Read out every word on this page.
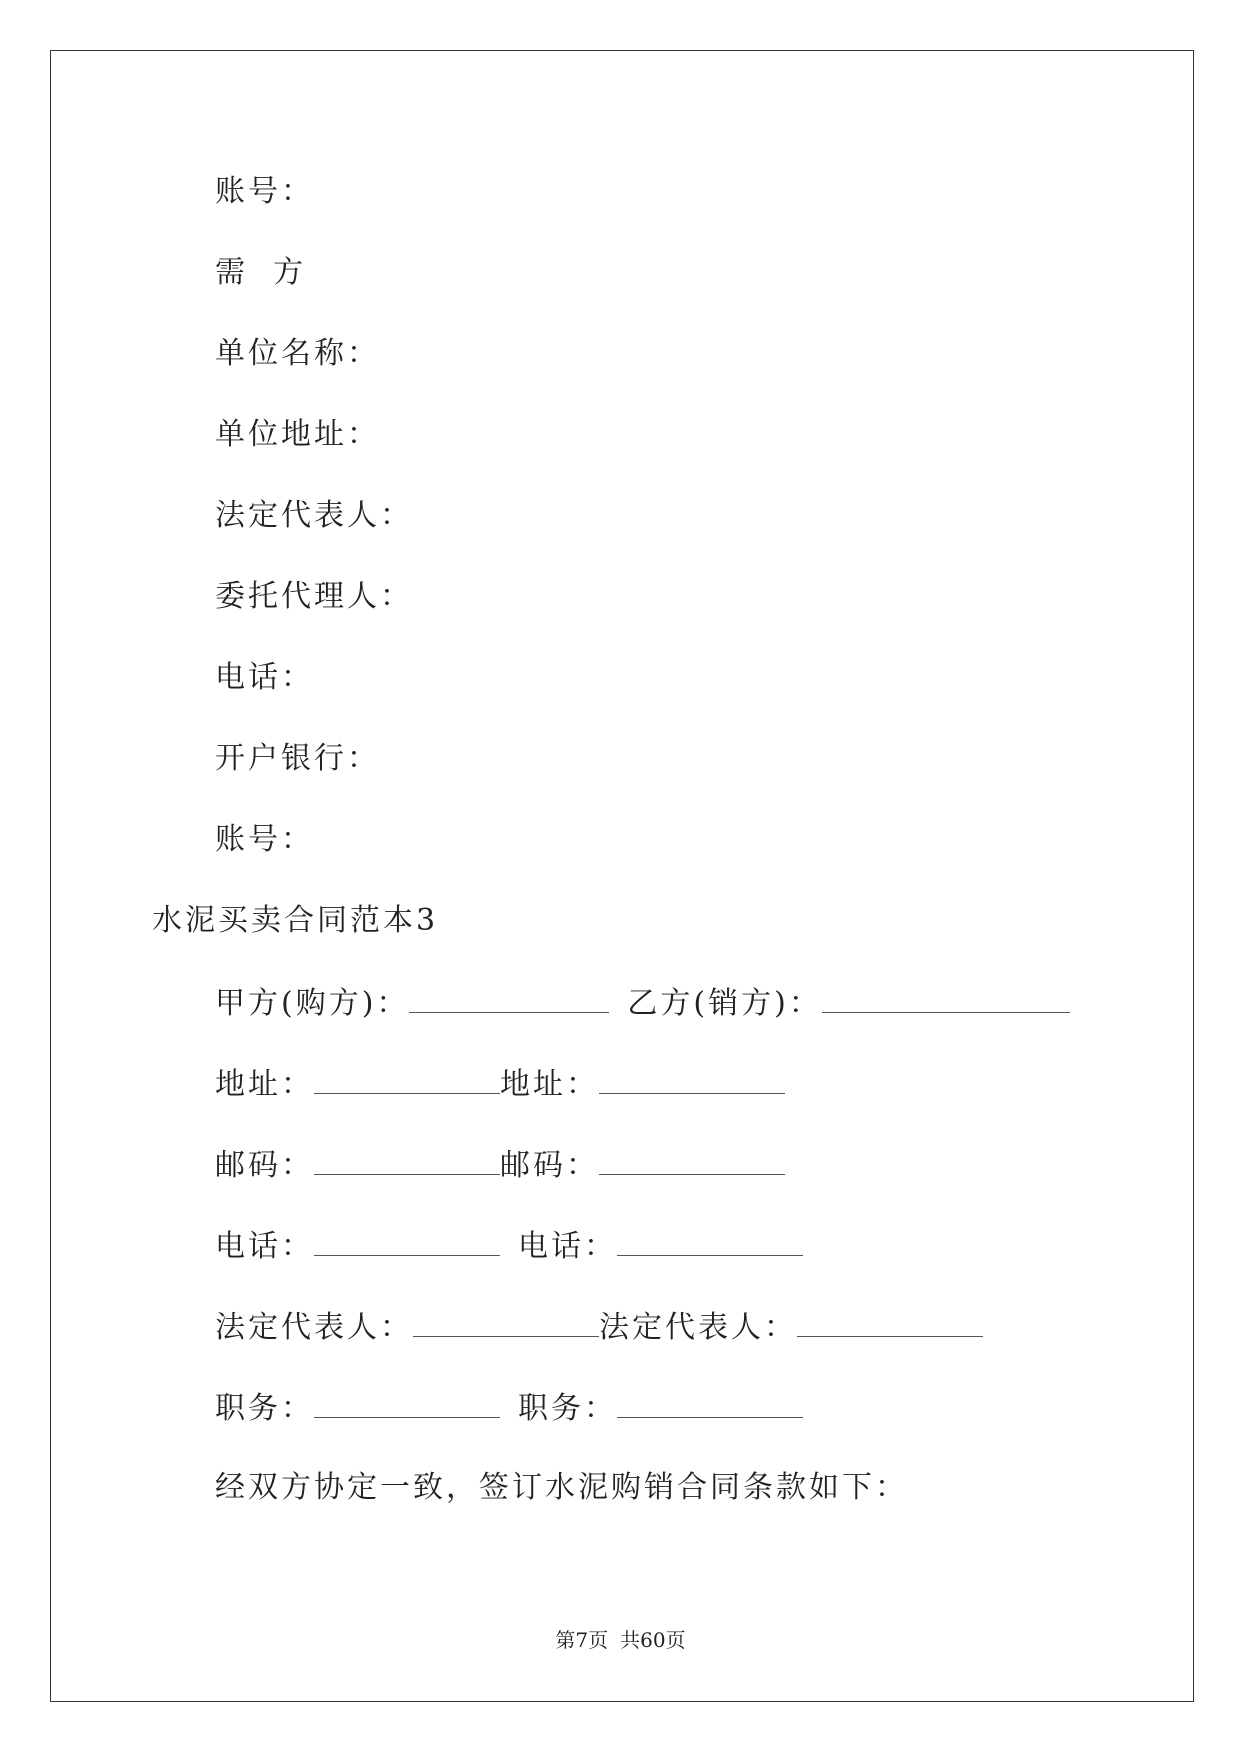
账号：
需  方
单位名称：
单位地址：
法定代表人：
委托代理人：
电话：
开户银行：
账号：
水泥买卖合同范本3
甲方(购方)：	乙方(销方)：
地址：	地址：
邮码：	邮码：
电话：	电话：
法定代表人：	法定代表人：
职务：	职务：
经双方协定一致，签订水泥购销合同条款如下：
第7页 共60页
